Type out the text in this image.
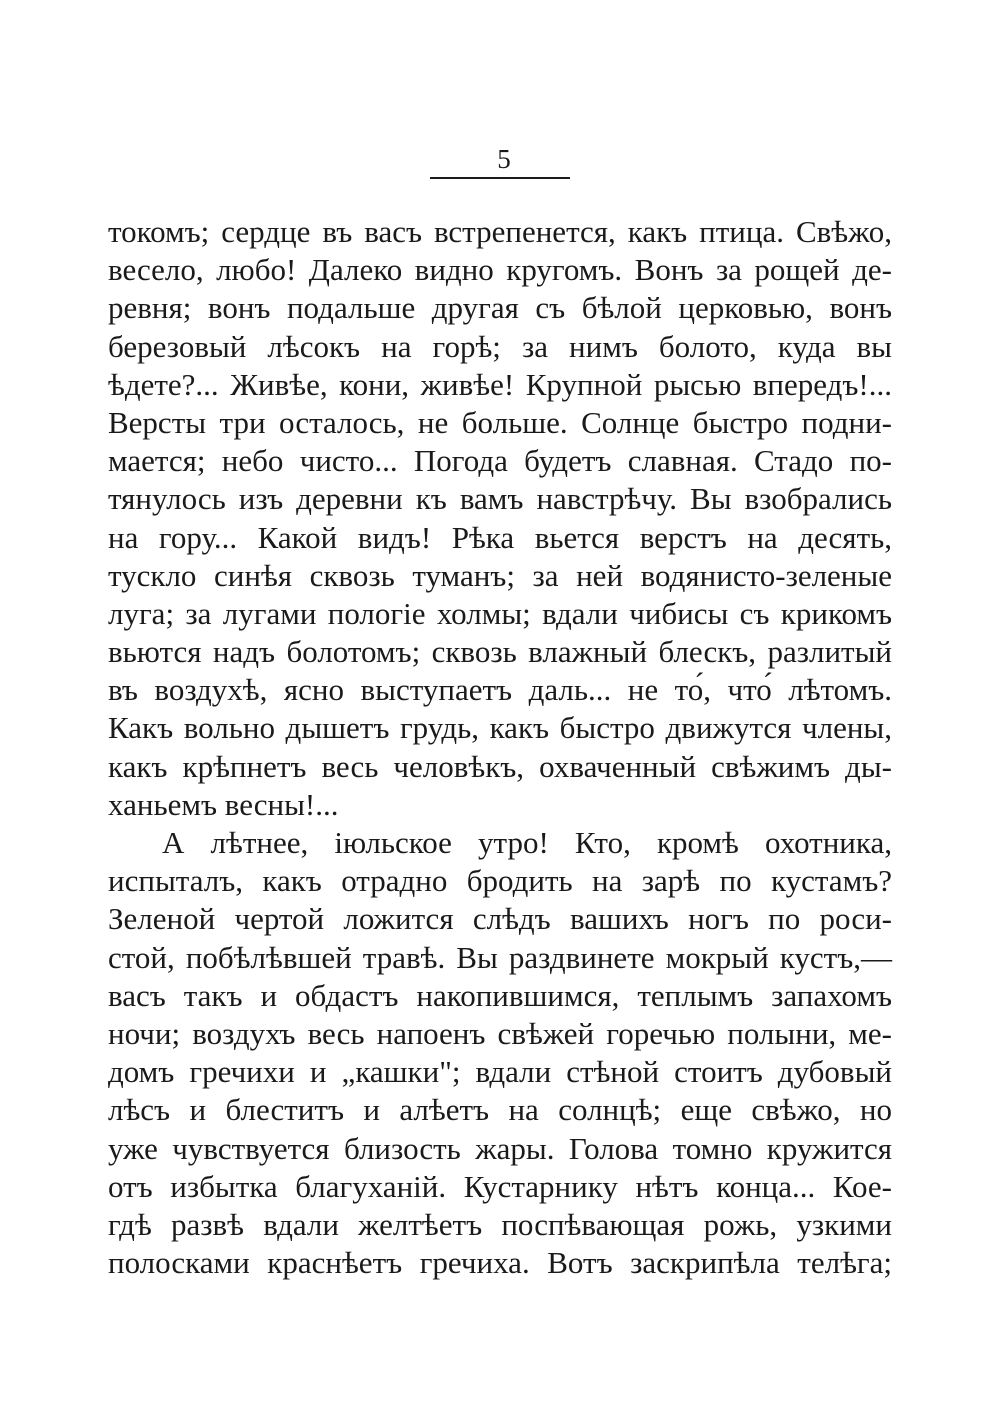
5
токомъ; сердце въ васъ встрепенется, какъ птица. Свѣжо,
весело, любо! Далеко видно кругомъ. Вонъ за рощей де-
ревня; вонъ подальше другая съ бѣлой церковью, вонъ
березовый лѣсокъ на горѣ; за нимъ болото, куда вы
ѣдете?... Живѣе, кони, живѣе! Крупной рысью впередъ!...
Версты три осталось, не больше. Солнце быстро подни-
мается; небо чисто... Погода будетъ славная. Стадо по-
тянулось изъ деревни къ вамъ навстрѣчу. Вы взобрались
на гору... Какой видъ! Рѣка вьется верстъ на десять,
тускло синѣя сквозь туманъ; за ней водянисто-зеленые
луга; за лугами пологіе холмы; вдали чибисы съ крикомъ
вьются надъ болотомъ; сквозь влажный блескъ, разлитый
въ воздухѣ, ясно выступаетъ даль... не то́, что́ лѣтомъ.
Какъ вольно дышетъ грудь, какъ быстро движутся члены,
какъ крѣпнетъ весь человѣкъ, охваченный свѣжимъ ды-
ханьемъ весны!...
А лѣтнее, іюльское утро! Кто, кромѣ охотника,
испыталъ, какъ отрадно бродить на зарѣ по кустамъ?
Зеленой чертой ложится слѣдъ вашихъ ногъ по роси-
стой, побѣлѣвшей травѣ. Вы раздвинете мокрый кустъ,—
васъ такъ и обдастъ накопившимся, теплымъ запахомъ
ночи; воздухъ весь напоенъ свѣжей горечью полыни, ме-
домъ гречихи и „кашки"; вдали стѣной стоитъ дубовый
лѣсъ и блеститъ и алѣетъ на солнцѣ; еще свѣжо, но
уже чувствуется близость жары. Голова томно кружится
отъ избытка благуханій. Кустарнику нѣтъ конца... Кое-
гдѣ развѣ вдали желтѣетъ поспѣвающая рожь, узкими
полосками краснѣетъ гречиха. Вотъ заскрипѣла телѣга;
